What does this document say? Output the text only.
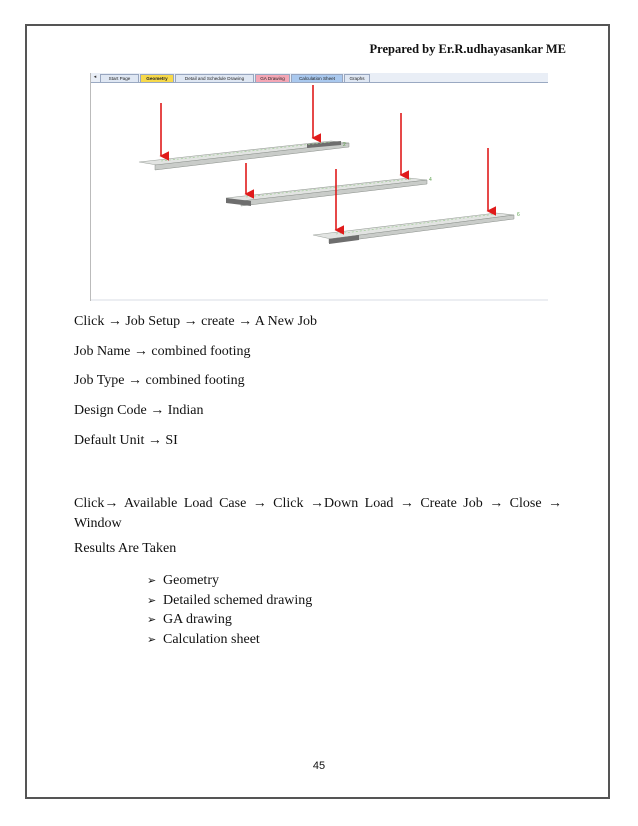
Prepared by Er.R.udhayasankar ME
◂	Start Page	Geometry	Detail and Schedule Drawing	GA Drawing	Calculation Sheet	Graphs
2
4
6
Click → Job Setup → create → A New Job
Job Name → combined footing
Job Type → combined footing
Design Code → Indian
Default Unit → SI
Click→ Available Load Case → Click →Down Load → Create Job → Close → Window
Results Are Taken
➢ Geometry
➢ Detailed schemed drawing
➢ GA drawing
➢ Calculation sheet
45
